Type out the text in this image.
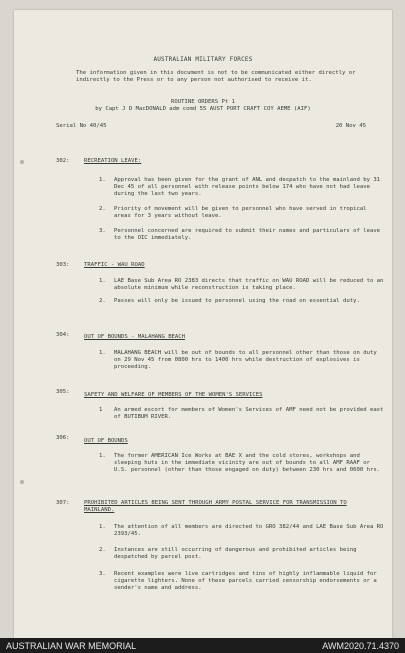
AUSTRALIAN MILITARY FORCES
The information given in this document is not to be communicated either directly or indirectly to the Press or to any person not authorised to receive it.
ROUTINE ORDERS Pt 1
by Capt J D MacDONALD adm comd 55 AUST PORT CRAFT COY AEME (AIF)
Serial No 40/45	20 Nov 45
302:	RECREATION LEAVE:
1. Approval has been given for the grant of ANL and despatch to the mainland by 31 Dec 45 of all personnel with release points below 174 who have not had leave during the last two years.
2. Priority of movement will be given to personnel who have served in tropical areas for 3 years without leave.
3. Personnel concerned are required to submit their names and particulars of leave to the OIC immediately.
303:	TRAFFIC - WAU ROAD
1. LAE Base Sub Area RO 2383 directs that traffic on WAU ROAD will be reduced to an absolute minimum while reconstruction is taking place.
2. Passes will only be issued to personnel using the road on essential duty.
304:	OUT OF BOUNDS - MALAHANG BEACH
1. MALAHANG BEACH will be out of bounds to all personnel other than those on duty on 29 Nov 45 from 0800 hrs to 1400 hrs while destruction of explosives is proceeding.
305:	SAFETY AND WELFARE OF MEMBERS OF THE WOMEN'S SERVICES
1 An armed escort for members of Women's Services of AMF need not be provided east of BUTIBUM RIVER.
306:	OUT OF BOUNDS
1. The former AMERICAN Ice Works at BAE X and the cold stores, workshops and sleeping huts in the immediate vicinity are out of bounds to all AMF RAAF or U.S. personnel (other than those engaged on duty) between 230 hrs and 0600 hrs.
307:	PROHIBITED ARTICLES BEING SENT THROUGH ARMY POSTAL SERVICE FOR TRANSMISSION TO MAINLAND.
1. The attention of all members are directed to GRO 382/44 and LAE Base Sub Area RO 2393/45.
2. Instances are still occurring of dangerous and prohibited articles being despatched by parcel post.
3. Recent examples were live cartridges and tins of highly inflammable liquid for cigarette lighters. None of these parcels carried censorship endorsements or a sender's name and address.
AUSTRALIAN WAR MEMORIAL	AWM2020.71.4370
